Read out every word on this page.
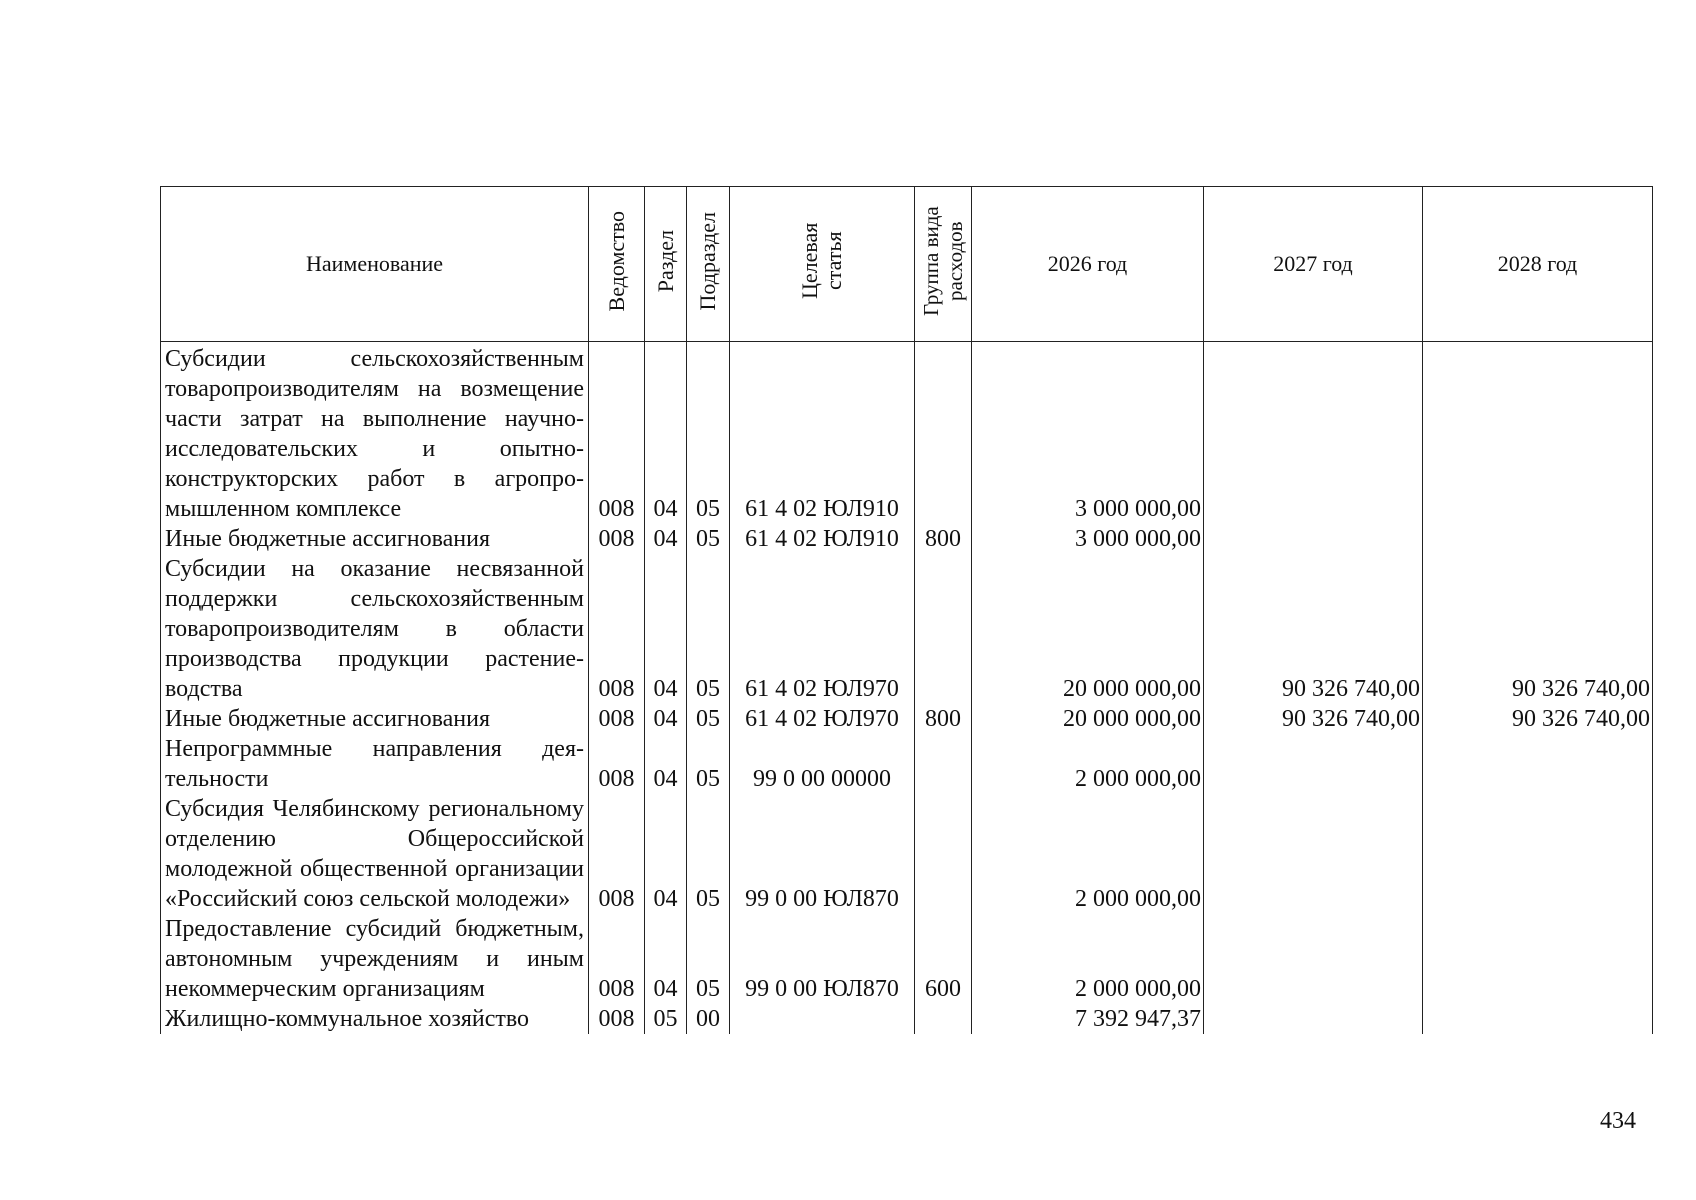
Наименование	Ведомство	Раздел	Подраздел	Целевая статья	Группа вида расходов	2026 год	2027 год	2028 год
Субсидии сельскохозяйственным товаропроизводителям на возмещение части затрат на выполнение научно-исследовательских и опытно-конструкторских работ в агропромышленном комплексе	008	04	05	61 4 02 ЮЛ910		3 000 000,00		
Иные бюджетные ассигнования	008	04	05	61 4 02 ЮЛ910	800	3 000 000,00		
Субсидии на оказание несвязанной поддержки сельскохозяйственным товаропроизводителям в области производства продукции растениеводства	008	04	05	61 4 02 ЮЛ970		20 000 000,00	90 326 740,00	90 326 740,00
Иные бюджетные ассигнования	008	04	05	61 4 02 ЮЛ970	800	20 000 000,00	90 326 740,00	90 326 740,00
Непрограммные направления деятельности	008	04	05	99 0 00 00000		2 000 000,00		
Субсидия Челябинскому региональному отделению Общероссийской молодежной общественной организации «Российский союз сельской молодежи»	008	04	05	99 0 00 ЮЛ870		2 000 000,00		
Предоставление субсидий бюджетным, автономным учреждениям и иным некоммерческим организациям	008	04	05	99 0 00 ЮЛ870	600	2 000 000,00		
Жилищно-коммунальное хозяйство	008	05	00			7 392 947,37		
434
